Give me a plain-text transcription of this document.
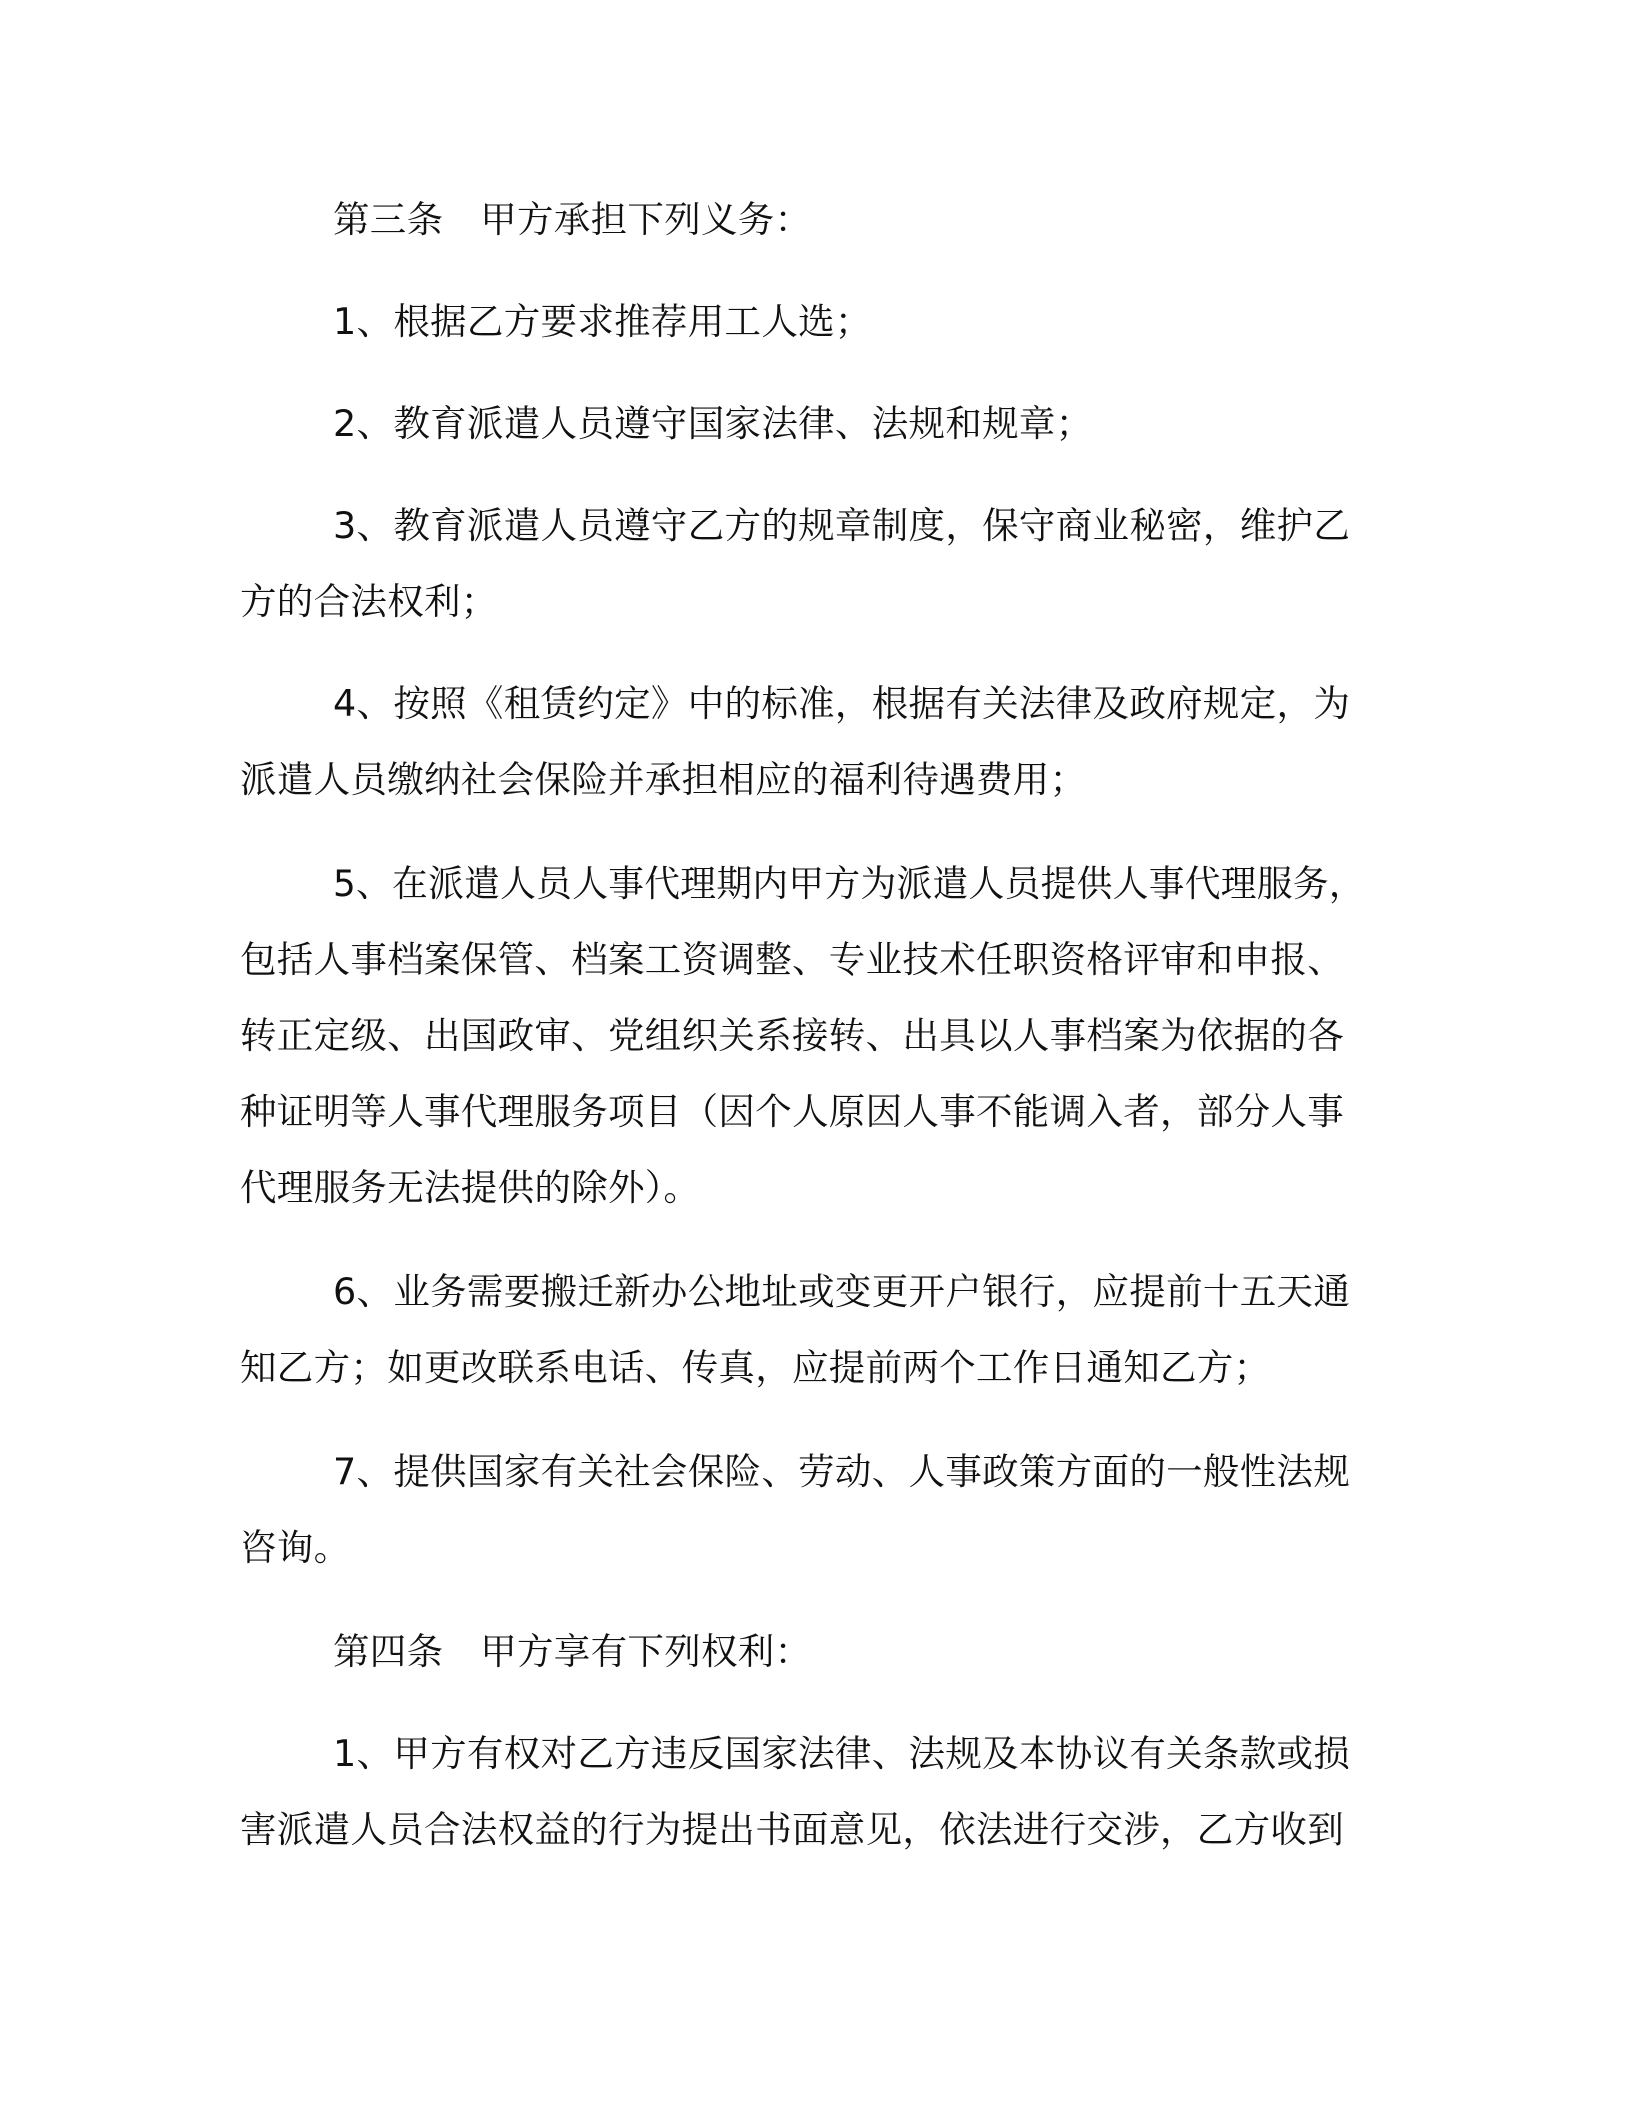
第三条　甲方承担下列义务：

1、根据乙方要求推荐用工人选；

2、教育派遣人员遵守国家法律、法规和规章；

3、教育派遣人员遵守乙方的规章制度，保守商业秘密，维护乙

方的合法权利；

4、按照《租赁约定》中的标准，根据有关法律及政府规定，为

派遣人员缴纳社会保险并承担相应的福利待遇费用；

5、在派遣人员人事代理期内甲方为派遣人员提供人事代理服务，

包括人事档案保管、档案工资调整、专业技术任职资格评审和申报、

转正定级、出国政审、党组织关系接转、出具以人事档案为依据的各

种证明等人事代理服务项目（因个人原因人事不能调入者，部分人事

代理服务无法提供的除外）。

6、业务需要搬迁新办公地址或变更开户银行，应提前十五天通

知乙方；如更改联系电话、传真，应提前两个工作日通知乙方；

7、提供国家有关社会保险、劳动、人事政策方面的一般性法规

咨询。

第四条　甲方享有下列权利：

1、甲方有权对乙方违反国家法律、法规及本协议有关条款或损

害派遣人员合法权益的行为提出书面意见，依法进行交涉，乙方收到
